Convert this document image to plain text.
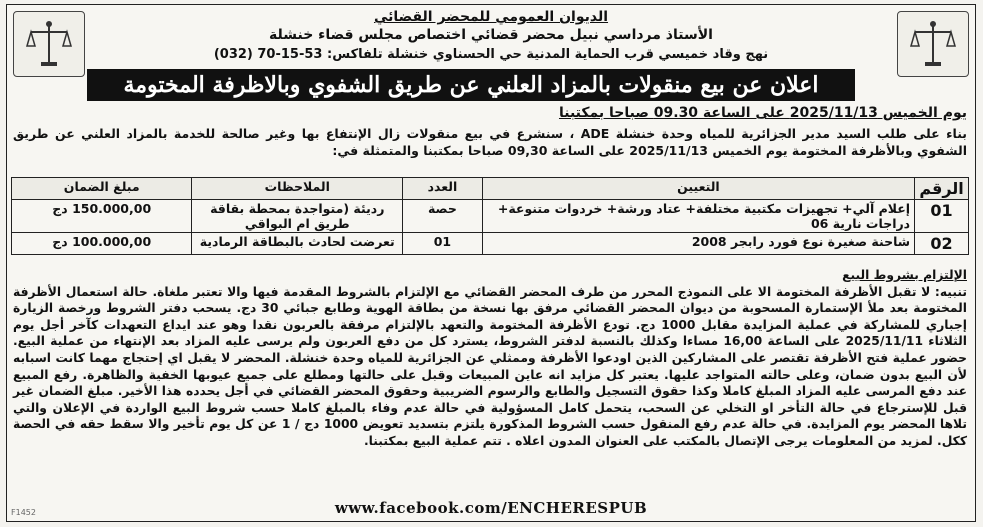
الديوان العمومي للمحضر القضائي
الأستاذ مرداسي نبيل محضر قضائي اختصاص مجلس قضاء خنشلة
نهج وقاد خميسي قرب الحماية المدنية حي الحسناوي خنشلة تلفاكس: 53-15-70 (032)
اعلان عن بيع منقولات بالمزاد العلني عن طريق الشفوي وبالاظرفة المختومة
يوم الخميس 2025/11/13 على الساعة 09.30 صباحا بمكتبنا
بناء على طلب السيد مدير الجزائرية للمياه وحدة خنشلة ADE ، سنشرع في بيع منقولات زال الإنتفاع بها وغير صالحة للخدمة بالمزاد العلني عن طريق الشفوي وبالأظرفة المختومة يوم الخميس 2025/11/13 على الساعة 09,30 صباحا بمكتبنا والمتمثلة في:
الرقم	التعيين	العدد	الملاحظات	مبلغ الضمان
01	إعلام آلي+ تجهيزات مكتبية مختلفة+ عتاد ورشة+ خردوات متنوعة+ دراجات نارية 06	حصة	رديئة (متواجدة بمحطة بقاقة طريق ام البواقي	150.000,00 دج
02	شاحنة صغيرة نوع فورد رابجر 2008	01	تعرضت لحادث بالبطاقة الرمادية	100.000,00 دج
الإلتزام بشروط البيع
تنبيه: لا تقبل الأظرفة المختومة الا على النموذج المحرر من طرف المحضر القضائي مع الإلتزام بالشروط المقدمة فيها والا تعتبر ملغاة. حالة استعمال الأظرفة المختومة بعد ملأ الإستمارة المسحوبة من ديوان المحضر القضائي مرفق بها نسخة من بطاقة الهوية وطابع جبائي 30 دج. يسحب دفتر الشروط ورخصة الزيارة إجباري للمشاركة في عملية المزايدة مقابل 1000 دج. تودع الأظرفة المختومة والتعهد بالإلتزام مرفقة بالعربون نقدا وهو عند ايداع التعهدات كآخر أجل يوم الثلاثاء 2025/11/11 على الساعة 16,00 مساءا وكذلك بالنسبة لدفتر الشروط، يسترد كل من دفع العربون ولم يرسى عليه المزاد بعد الإنتهاء من عملية البيع. حضور عملية فتح الأظرفة تقتصر على المشاركين الذين اودعوا الأظرفة وممثلي عن الجزائرية للمياه وحدة خنشلة. المحضر لا يقبل اي إحتجاج مهما كانت اسبابه لأن البيع بدون ضمان، وعلى حالته المتواجد عليها. يعتبر كل مزايد انه عاين المبيعات وقبل على حالتها ومطلع على جميع عيوبها الخفية والظاهرة. رفع المبيع عند دفع المرسى عليه المزاد المبلغ كاملا وكذا حقوق التسجيل والطابع والرسوم الضريبية وحقوق المحضر القضائي في أجل يحدده هذا الأخير. مبلغ الضمان غير قبل للإسترجاع في حالة التأخر او التخلي عن السحب، يتحمل كامل المسؤولية في حالة عدم وفاء بالمبلغ كاملا حسب شروط البيع الواردة في الإعلان والتي تلاها المحضر يوم المزايدة. في حالة عدم رفع المنقول حسب الشروط المذكورة يلتزم بتسديد تعويض 1000 دج / 1 عن كل يوم تأخير والا سقط حقه في الحصة ككل. لمزيد من المعلومات يرجى الإتصال بالمكتب على العنوان المدون اعلاه . تتم عملية البيع بمكتبنا.
www.facebook.com/ENCHERESPUB
F1452
